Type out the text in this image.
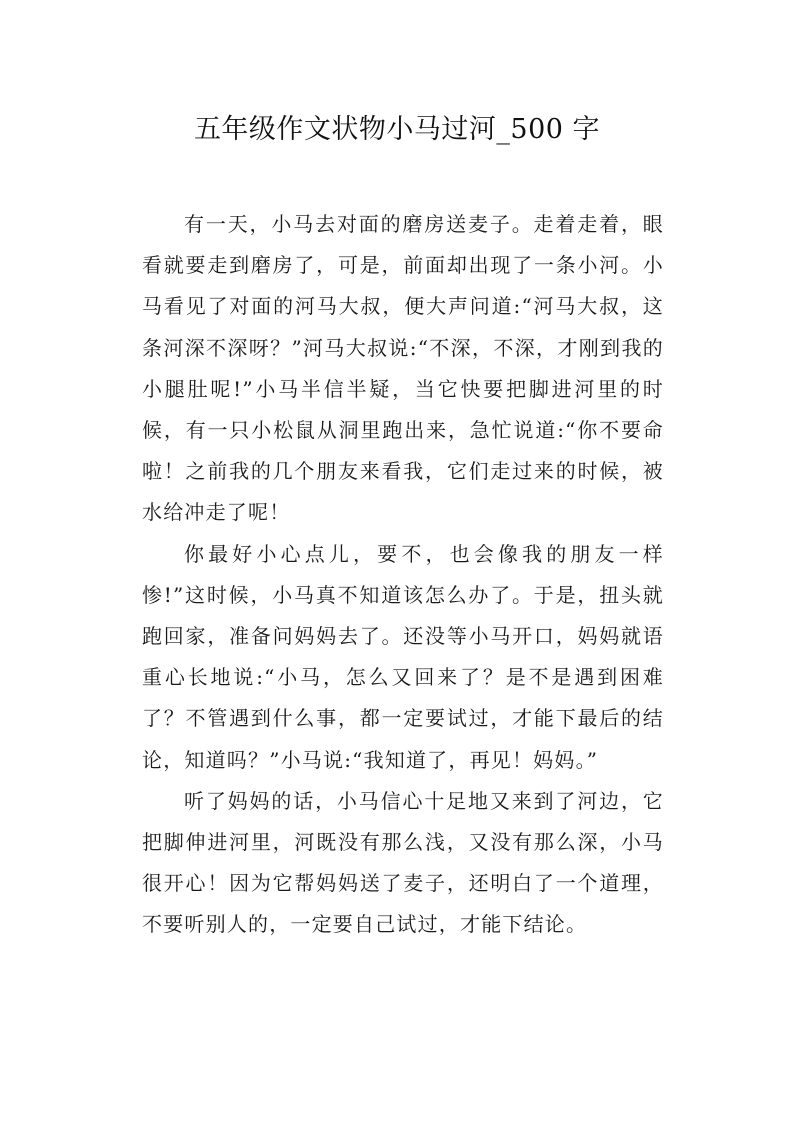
五年级作文状物小马过河_500 字

有一天，小马去对面的磨房送麦子。走着走着，眼看就要走到磨房了，可是，前面却出现了一条小河。小马看见了对面的河马大叔，便大声问道:“河马大叔，这条河深不深呀？”河马大叔说:“不深，不深，才刚到我的小腿肚呢!”小马半信半疑，当它快要把脚进河里的时候，有一只小松鼠从洞里跑出来，急忙说道:“你不要命啦！之前我的几个朋友来看我，它们走过来的时候，被水给冲走了呢！

你最好小心点儿，要不，也会像我的朋友一样惨!”这时候，小马真不知道该怎么办了。于是，扭头就跑回家，准备问妈妈去了。还没等小马开口，妈妈就语重心长地说:“小马，怎么又回来了？是不是遇到困难了？不管遇到什么事，都一定要试过，才能下最后的结论，知道吗？”小马说:“我知道了，再见！妈妈。”

听了妈妈的话，小马信心十足地又来到了河边，它把脚伸进河里，河既没有那么浅，又没有那么深，小马很开心！因为它帮妈妈送了麦子，还明白了一个道理，不要听别人的，一定要自己试过，才能下结论。
